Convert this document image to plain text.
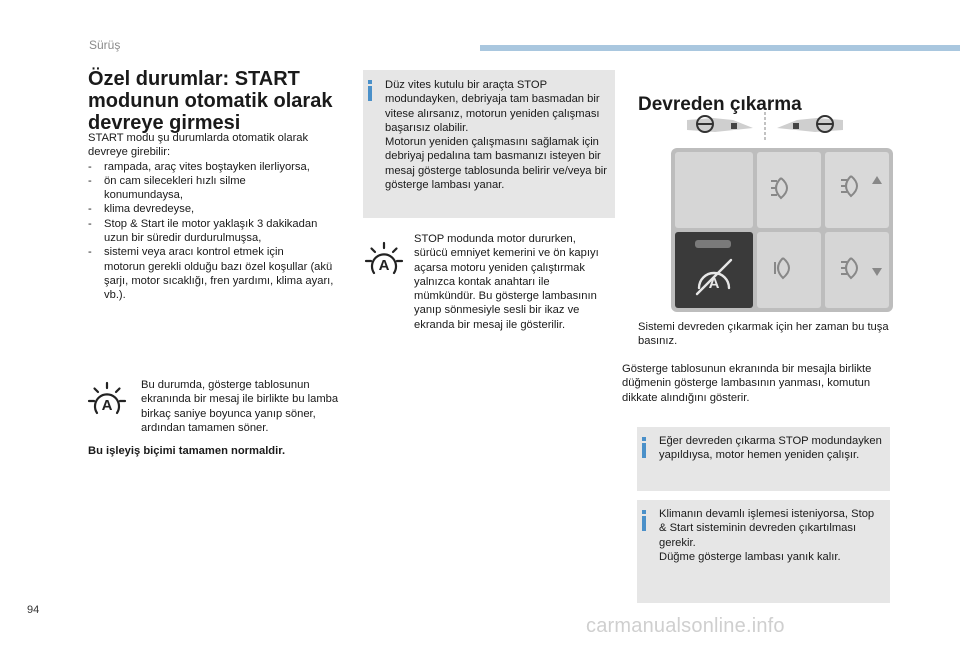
Sürüş
Özel durumlar: START modunun otomatik olarak devreye girmesi
START modu şu durumlarda otomatik olarak devreye girebilir:
- rampada, araç vites boştayken ilerliyorsa,
- ön cam silecekleri hızlı silme
konumundaysa,
- klima devredeyse,
- Stop & Start ile motor yaklaşık 3 dakikadan
uzun bir süredir durdurulmuşsa,
- sistemi veya aracı kontrol etmek için
motorun gerekli olduğu bazı özel koşullar (akü şarjı, motor sıcaklığı, fren yardımı, klima ayarı, vb.).
A
Bu durumda, gösterge tablosunun ekranında bir mesaj ile birlikte bu lamba birkaç saniye boyunca yanıp söner, ardından tamamen söner.
Bu işleyiş biçimi tamamen normaldir.
Düz vites kutulu bir araçta STOP modundayken, debriyaja tam basmadan bir vitese alırsanız, motorun yeniden çalışması başarısız olabilir.
Motorun yeniden çalışmasını sağlamak için debriyaj pedalına tam basmanızı isteyen bir mesaj gösterge tablosunda belirir ve/veya bir gösterge lambası yanar.
A
STOP modunda motor dururken, sürücü emniyet kemerini ve ön kapıyı açarsa motoru yeniden çalıştırmak yalnızca kontak anahtarı ile mümkündür. Bu gösterge lambasının yanıp sönmesiyle sesli bir ikaz ve ekranda bir mesaj ile gösterilir.
Devreden çıkarma
A
Sistemi devreden çıkarmak için her zaman bu tuşa basınız.
Gösterge tablosunun ekranında bir mesajla birlikte düğmenin gösterge lambasının yanması, komutun dikkate alındığını gösterir.
Eğer devreden çıkarma STOP modundayken yapıldıysa, motor hemen yeniden çalışır.
Klimanın devamlı işlemesi isteniyorsa, Stop & Start sisteminin devreden çıkartılması gerekir.
Düğme gösterge lambası yanık kalır.
94
carmanualsonline.info
